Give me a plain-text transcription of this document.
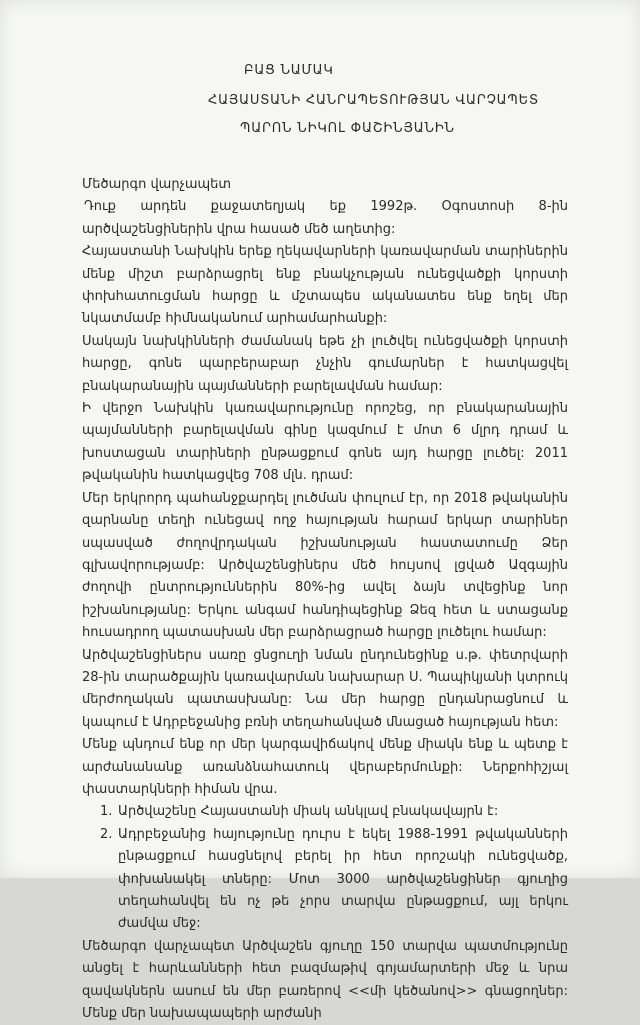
ԲԱՑ ՆԱՄԱԿ
ՀԱՅԱՍՏԱՆԻ ՀԱՆՐԱՊԵՏՈՒԹՅԱՆ ՎԱՐՉԱՊԵՏ
ՊԱՐՈՆ ՆԻԿՈԼ ՓԱՇԻՆՅԱՆԻՆ

Մեծարգո վարչապետ

Դուք արդեն քաջատեղյակ եք 1992թ. Օգոստոսի 8-ին արծվաշենցիներին վրա հասած մեծ աղետից:

Հայաստանի Նախկին երեք ղեկավարների կառավարման տարիներին մենք միշտ բարձրացրել ենք բնակչության ունեցվածքի կորստի փոխհատուցման հարցը և մշտապես ականատես ենք եղել մեր նկատմամբ հիմնականում արհամարհանքի:

Սակայն նախկինների ժամանակ եթե չի լուծվել ունեցվածքի կորստի հարցը, գոնե պարբերաբար չնչին գումարներ է հատկացվել բնակարանային պայմանների բարելավման համար:

Ի վերջո Նախկին կառավարությունը որոշեց, որ բնակարանային պայմանների բարելավման գինը կազմում է մոտ 6 մլրդ դրամ և խոստացան տարիների ընթացքում գոնե այդ հարցը լուծել: 2011 թվականին հատկացվեց 708 մլն. դրամ:

Մեր երկրորդ պահանջքարդել լուծման փուլում էր, որ 2018 թվականին զարնանը տեղի ունեցավ ողջ հայության հարամ երկար տարիներ սպասված ժողովրդական իշխանության հաստատումը Ձեր գլխավորությամբ: Արծվաշենցիներս մեծ հույսով լցված Ազգային ժողովի ընտրություններին 80%-ից ավել ձայն տվեցինք նոր իշխանությանը: Երկու անգամ հանդիպեցինք Ձեզ հետ և ստացանք հուսադրող պատասխան մեր բարձրացրած հարցը լուծելու համար:

Արծվաշենցիներս սառը ցնցուղի նման ընդունեցինք ս.թ. փետրվարի 28-ին տարածքային կառավարման նախարար Ս. Պապիկյանի կտրուկ մերժողական պատասխանը: Նա մեր հարցը ընդանրացնում և կապում է Ադրբեջանից բռնի տեղահանված մնացած հայության հետ:

Մենք պնդում ենք որ մեր կարգավիճակով մենք միակն ենք և պետք է արժանանանք առանձնահատուկ վերաբերմունքի: Ներքոհիշյալ փաստարկների հիման վրա.

1. Արծվաշենը Հայաստանի միակ անկլավ բնակավայրն է:
2. Ադրբեջանից հայությունը դուրս է եկել 1988-1991 թվականների ընթացքում հասցնելով բերել իր հետ որոշակի ունեցվածք, փոխանակել տները: Մոտ 3000 արծվաշենցիներ գյուղից տեղահանվել են ոչ թե չորս տարվա ընթացքում, այլ երկու ժամվա մեջ:

Մեծարգո վարչապետ Արծվաշեն գյուղը 150 տարվա պատմությունը անցել է հարևանների հետ բազմաթիվ գոյամարտերի մեջ և նրա զավակներն ասում են մեր բառերով <<մի կեծանով>> գնացողներ: Մենք մեր նախապապերի արժանի
